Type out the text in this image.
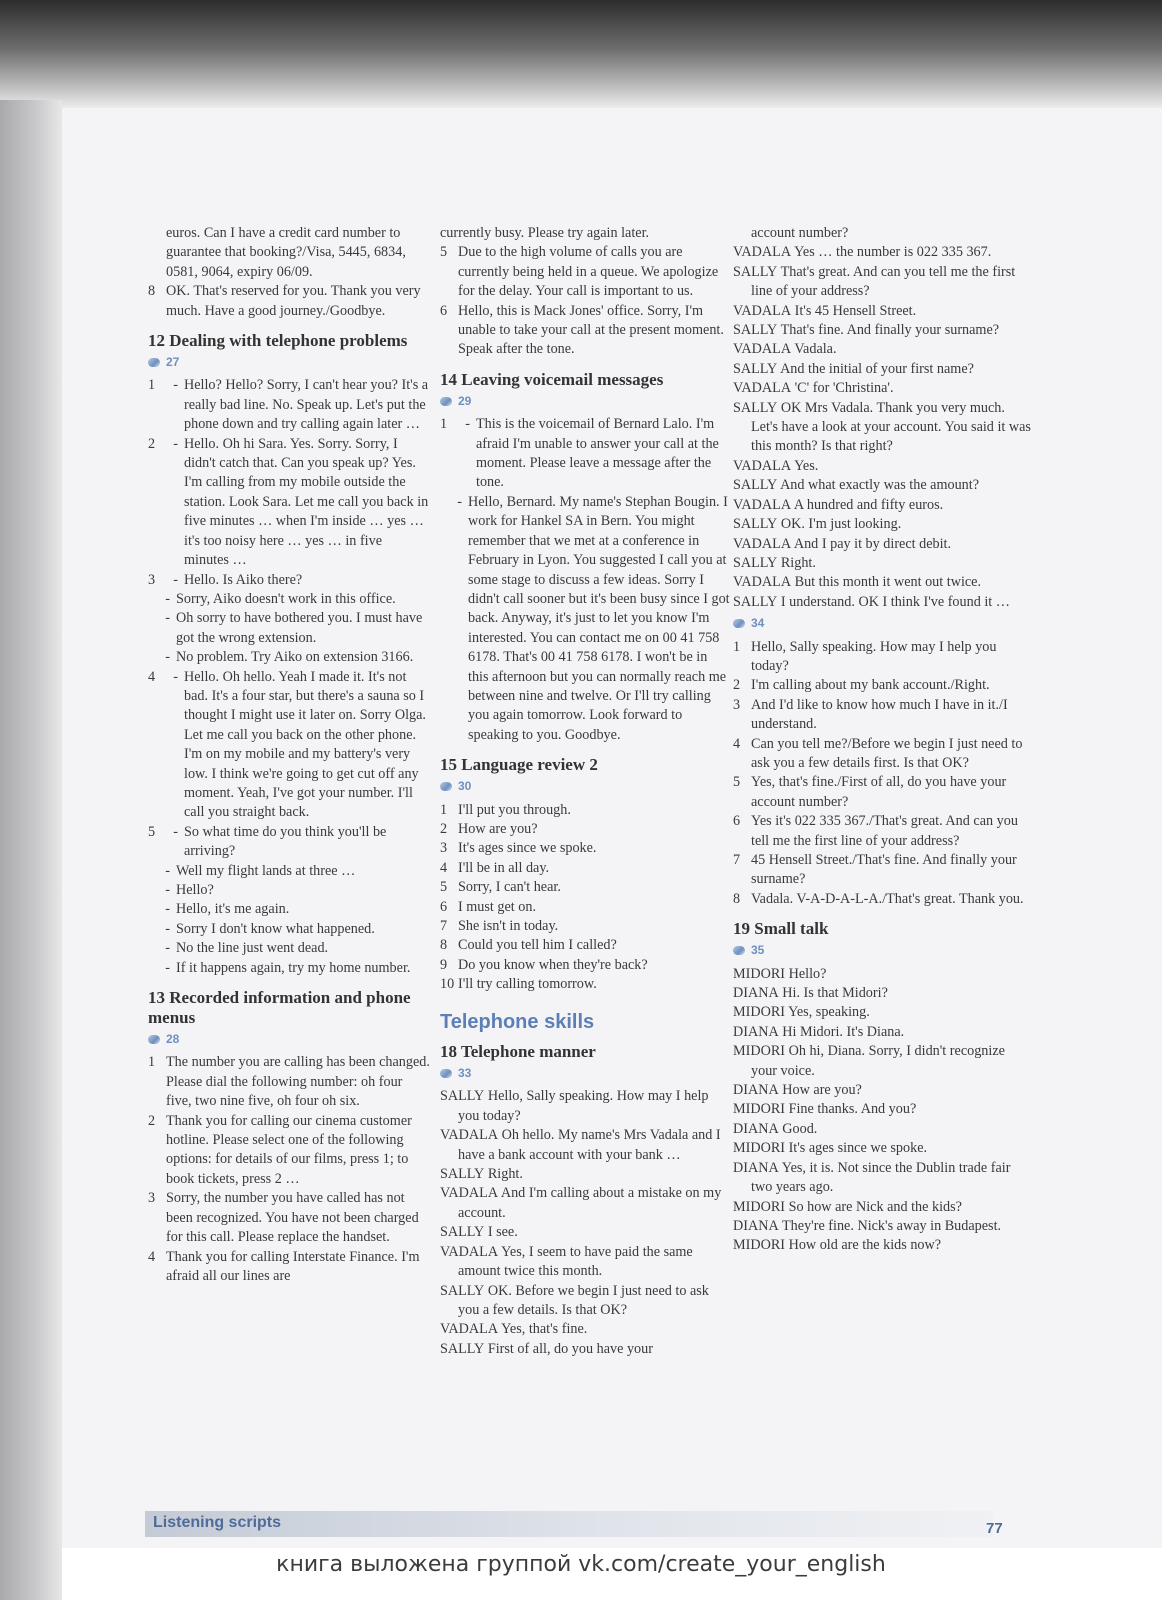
euros. Can I have a credit card number to guarantee that booking?/Visa, 5445, 6834, 0581, 9064, expiry 06/09.
8 OK. That's reserved for you. Thank you very much. Have a good journey./Goodbye.
12 Dealing with telephone problems
27
1	- Hello? Hello? Sorry, I can't hear you? It's a really bad line. No. Speak up. Let's put the phone down and try calling again later …
2	- Hello. Oh hi Sara. Yes. Sorry. Sorry, I didn't catch that. Can you speak up? Yes. I'm calling from my mobile outside the station. Look Sara. Let me call you back in five minutes … when I'm inside … yes … it's too noisy here … yes … in five minutes …
3	- Hello. Is Aiko there?
- Sorry, Aiko doesn't work in this office.
- Oh sorry to have bothered you. I must have got the wrong extension.
- No problem. Try Aiko on extension 3166.
4	- Hello. Oh hello. Yeah I made it. It's not bad. It's a four star, but there's a sauna so I thought I might use it later on. Sorry Olga. Let me call you back on the other phone. I'm on my mobile and my battery's very low. I think we're going to get cut off any moment. Yeah, I've got your number. I'll call you straight back.
5	- So what time do you think you'll be arriving?
- Well my flight lands at three …
- Hello?
- Hello, it's me again.
- Sorry I don't know what happened.
- No the line just went dead.
- If it happens again, try my home number.
13 Recorded information and phone menus
28
1 The number you are calling has been changed. Please dial the following number: oh four five, two nine five, oh four oh six.
2 Thank you for calling our cinema customer hotline. Please select one of the following options: for details of our films, press 1; to book tickets, press 2 …
3 Sorry, the number you have called has not been recognized. You have not been charged for this call. Please replace the handset.
4 Thank you for calling Interstate Finance. I'm afraid all our lines are
currently busy. Please try again later.
5 Due to the high volume of calls you are currently being held in a queue. We apologize for the delay. Your call is important to us.
6 Hello, this is Mack Jones' office. Sorry, I'm unable to take your call at the present moment. Speak after the tone.
14 Leaving voicemail messages
29
1	- This is the voicemail of Bernard Lalo. I'm afraid I'm unable to answer your call at the moment. Please leave a message after the tone.
- Hello, Bernard. My name's Stephan Bougin. I work for Hankel SA in Bern. You might remember that we met at a conference in February in Lyon. You suggested I call you at some stage to discuss a few ideas. Sorry I didn't call sooner but it's been busy since I got back. Anyway, it's just to let you know I'm interested. You can contact me on 00 41 758 6178. That's 00 41 758 6178. I won't be in this afternoon but you can normally reach me between nine and twelve. Or I'll try calling you again tomorrow. Look forward to speaking to you. Goodbye.
15 Language review 2
30
1 I'll put you through.
2 How are you?
3 It's ages since we spoke.
4 I'll be in all day.
5 Sorry, I can't hear.
6 I must get on.
7 She isn't in today.
8 Could you tell him I called?
9 Do you know when they're back?
10 I'll try calling tomorrow.
Telephone skills
18 Telephone manner
33
SALLY Hello, Sally speaking. How may I help you today?
VADALA Oh hello. My name's Mrs Vadala and I have a bank account with your bank …
SALLY Right.
VADALA And I'm calling about a mistake on my account.
SALLY I see.
VADALA Yes, I seem to have paid the same amount twice this month.
SALLY OK. Before we begin I just need to ask you a few details. Is that OK?
VADALA Yes, that's fine.
SALLY First of all, do you have your
account number?
VADALA Yes … the number is 022 335 367.
SALLY That's great. And can you tell me the first line of your address?
VADALA It's 45 Hensell Street.
SALLY That's fine. And finally your surname?
VADALA Vadala.
SALLY And the initial of your first name?
VADALA 'C' for 'Christina'.
SALLY OK Mrs Vadala. Thank you very much. Let's have a look at your account. You said it was this month? Is that right?
VADALA Yes.
SALLY And what exactly was the amount?
VADALA A hundred and fifty euros.
SALLY OK. I'm just looking.
VADALA And I pay it by direct debit.
SALLY Right.
VADALA But this month it went out twice.
SALLY I understand. OK I think I've found it …
34
1 Hello, Sally speaking. How may I help you today?
2 I'm calling about my bank account./Right.
3 And I'd like to know how much I have in it./I understand.
4 Can you tell me?/Before we begin I just need to ask you a few details first. Is that OK?
5 Yes, that's fine./First of all, do you have your account number?
6 Yes it's 022 335 367./That's great. And can you tell me the first line of your address?
7 45 Hensell Street./That's fine. And finally your surname?
8 Vadala. V-A-D-A-L-A./That's great. Thank you.
19 Small talk
35
MIDORI Hello?
DIANA Hi. Is that Midori?
MIDORI Yes, speaking.
DIANA Hi Midori. It's Diana.
MIDORI Oh hi, Diana. Sorry, I didn't recognize your voice.
DIANA How are you?
MIDORI Fine thanks. And you?
DIANA Good.
MIDORI It's ages since we spoke.
DIANA Yes, it is. Not since the Dublin trade fair two years ago.
MIDORI So how are Nick and the kids?
DIANA They're fine. Nick's away in Budapest.
MIDORI How old are the kids now?
Listening scripts	77
книга выложена группой vk.com/create_your_english
